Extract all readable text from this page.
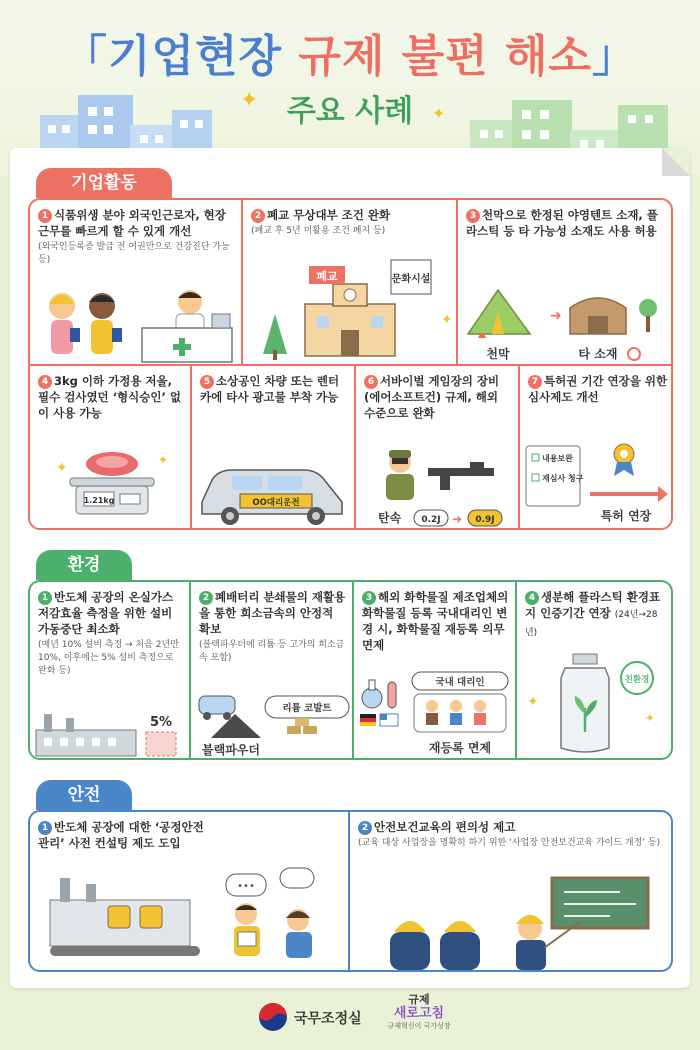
「기업현장 규제 불편 해소」
✦
✦
주요 사례
기업활동
1 식품위생 분야 외국인근로자, 현장근무를 빠르게 할 수 있게 개선
(외국인등록증 발급 전 여권만으로 건강진단 가능 등)
2 폐교 무상대부 조건 완화
(폐교 후 5년 미활용 조건 폐지 등)
폐교	문화시설
✦
3 천막으로 한정된 야영텐트 소재, 플라스틱 등 타 가능성 소재도 사용 허용
➜
천막	타 소재
4 3kg 이하 가정용 저울, 필수 검사였던 ‘형식승인’ 없이 사용 가능
1.21kg
✦	✦
5 소상공인 차량 또는 렌터카에 타사 광고물 부착 가능
OO대리운전
6 서바이벌 게임장의 장비(에어소프트건) 규제, 해외 수준으로 완화
탄속 0.2J ➜ 0.9J
7 특허권 기간 연장을 위한 심사제도 개선
내용보완
재심사 청구
특허 연장
환경
1 반도체 공장의 온실가스 저감효율 측정을 위한 설비 가동중단 최소화
(매년 10% 설비 측정 → 처음 2년만 10%, 이후에는 5% 설비 측정으로 완화 등)
5%
2 폐배터리 분쇄물의 재활용을 통한 희소금속의 안정적 확보
(블랙파우더에 리튬 등 고가의 희소금속 포함)
리튬 코발트
블랙파우더
3 해외 화학물질 제조업체의 화학물질 등록 국내대리인 변경 시, 화학물질 재등록 의무 면제
국내 대리인
재등록 면제
4 생분해 플라스틱 환경표지 인증기간 연장 (24년→28년)
친환경
✦
✦
안전
1 반도체 공장에 대한 ‘공정안전관리’ 사전 컨설팅 제도 도입
•••
2 안전보건교육의 편의성 제고
(교육 대상 사업장을 명확히 하기 위한 ‘사업장 안전보건교육 가이드 개정’ 등)
국무조정실
규제
새로고침
규제혁신이 국가성장
